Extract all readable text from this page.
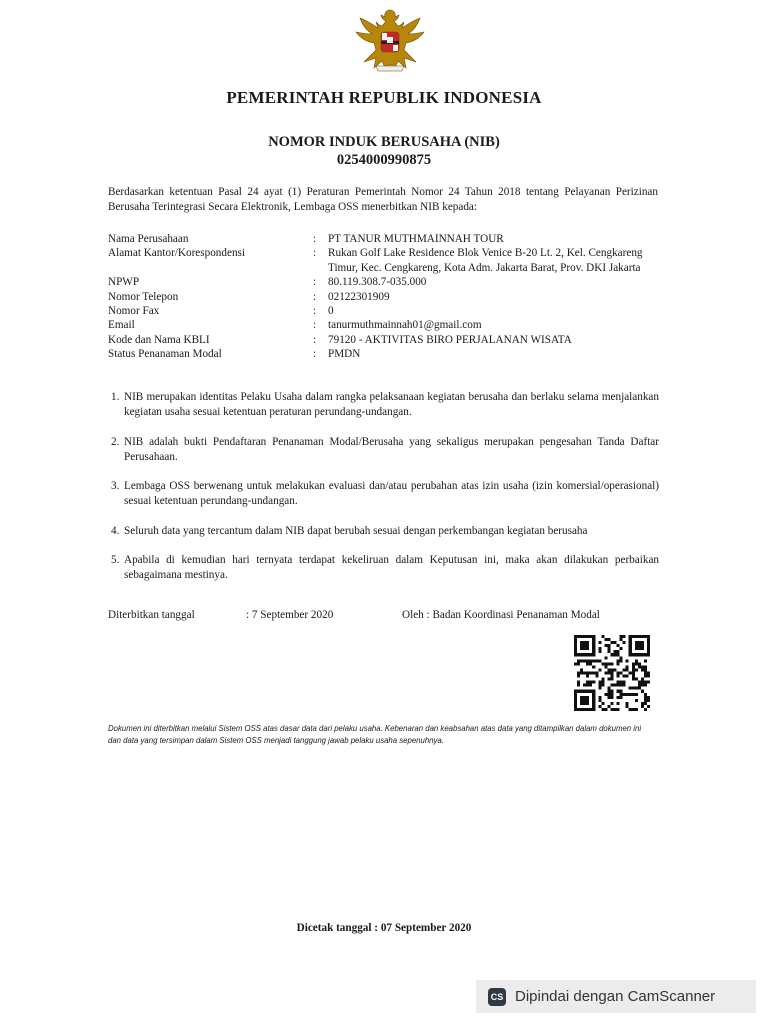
PEMERINTAH REPUBLIK INDONESIA
NOMOR INDUK BERUSAHA (NIB)
0254000990875
Berdasarkan ketentuan Pasal 24 ayat (1) Peraturan Pemerintah Nomor 24 Tahun 2018 tentang Pelayanan Perizinan Berusaha Terintegrasi Secara Elektronik, Lembaga OSS menerbitkan NIB kepada:
Nama Perusahaan	:	PT TANUR MUTHMAINNAH TOUR
Alamat Kantor/Korespondensi	:	Rukan Golf Lake Residence Blok Venice B-20 Lt. 2, Kel. Cengkareng Timur, Kec. Cengkareng, Kota Adm. Jakarta Barat, Prov. DKI Jakarta
NPWP	:	80.119.308.7-035.000
Nomor Telepon	:	02122301909
Nomor Fax	:	0
Email	:	tanurmuthmainnah01@gmail.com
Kode dan Nama KBLI	:	79120 - AKTIVITAS BIRO PERJALANAN WISATA
Status Penanaman Modal	:	PMDN
1. NIB merupakan identitas Pelaku Usaha dalam rangka pelaksanaan kegiatan berusaha dan berlaku selama menjalankan kegiatan usaha sesuai ketentuan peraturan perundang-undangan.
2. NIB adalah bukti Pendaftaran Penanaman Modal/Berusaha yang sekaligus merupakan pengesahan Tanda Daftar Perusahaan.
3. Lembaga OSS berwenang untuk melakukan evaluasi dan/atau perubahan atas izin usaha (izin komersial/operasional) sesuai ketentuan perundang-undangan.
4. Seluruh data yang tercantum dalam NIB dapat berubah sesuai dengan perkembangan kegiatan berusaha
5. Apabila di kemudian hari ternyata terdapat kekeliruan dalam Keputusan ini, maka akan dilakukan perbaikan sebagaimana mestinya.
Diterbitkan tanggal	: 7 September 2020	Oleh : Badan Koordinasi Penanaman Modal
Dokumen ini diterbitkan melalui Sistem OSS atas dasar data dari pelaku usaha. Kebenaran dan keabsahan atas data yang ditampilkan dalam dokumen ini dan data yang tersimpan dalam Sistem OSS menjadi tanggung jawab pelaku usaha sepenuhnya.
Dicetak tanggal : 07 September 2020
CS Dipindai dengan CamScanner
